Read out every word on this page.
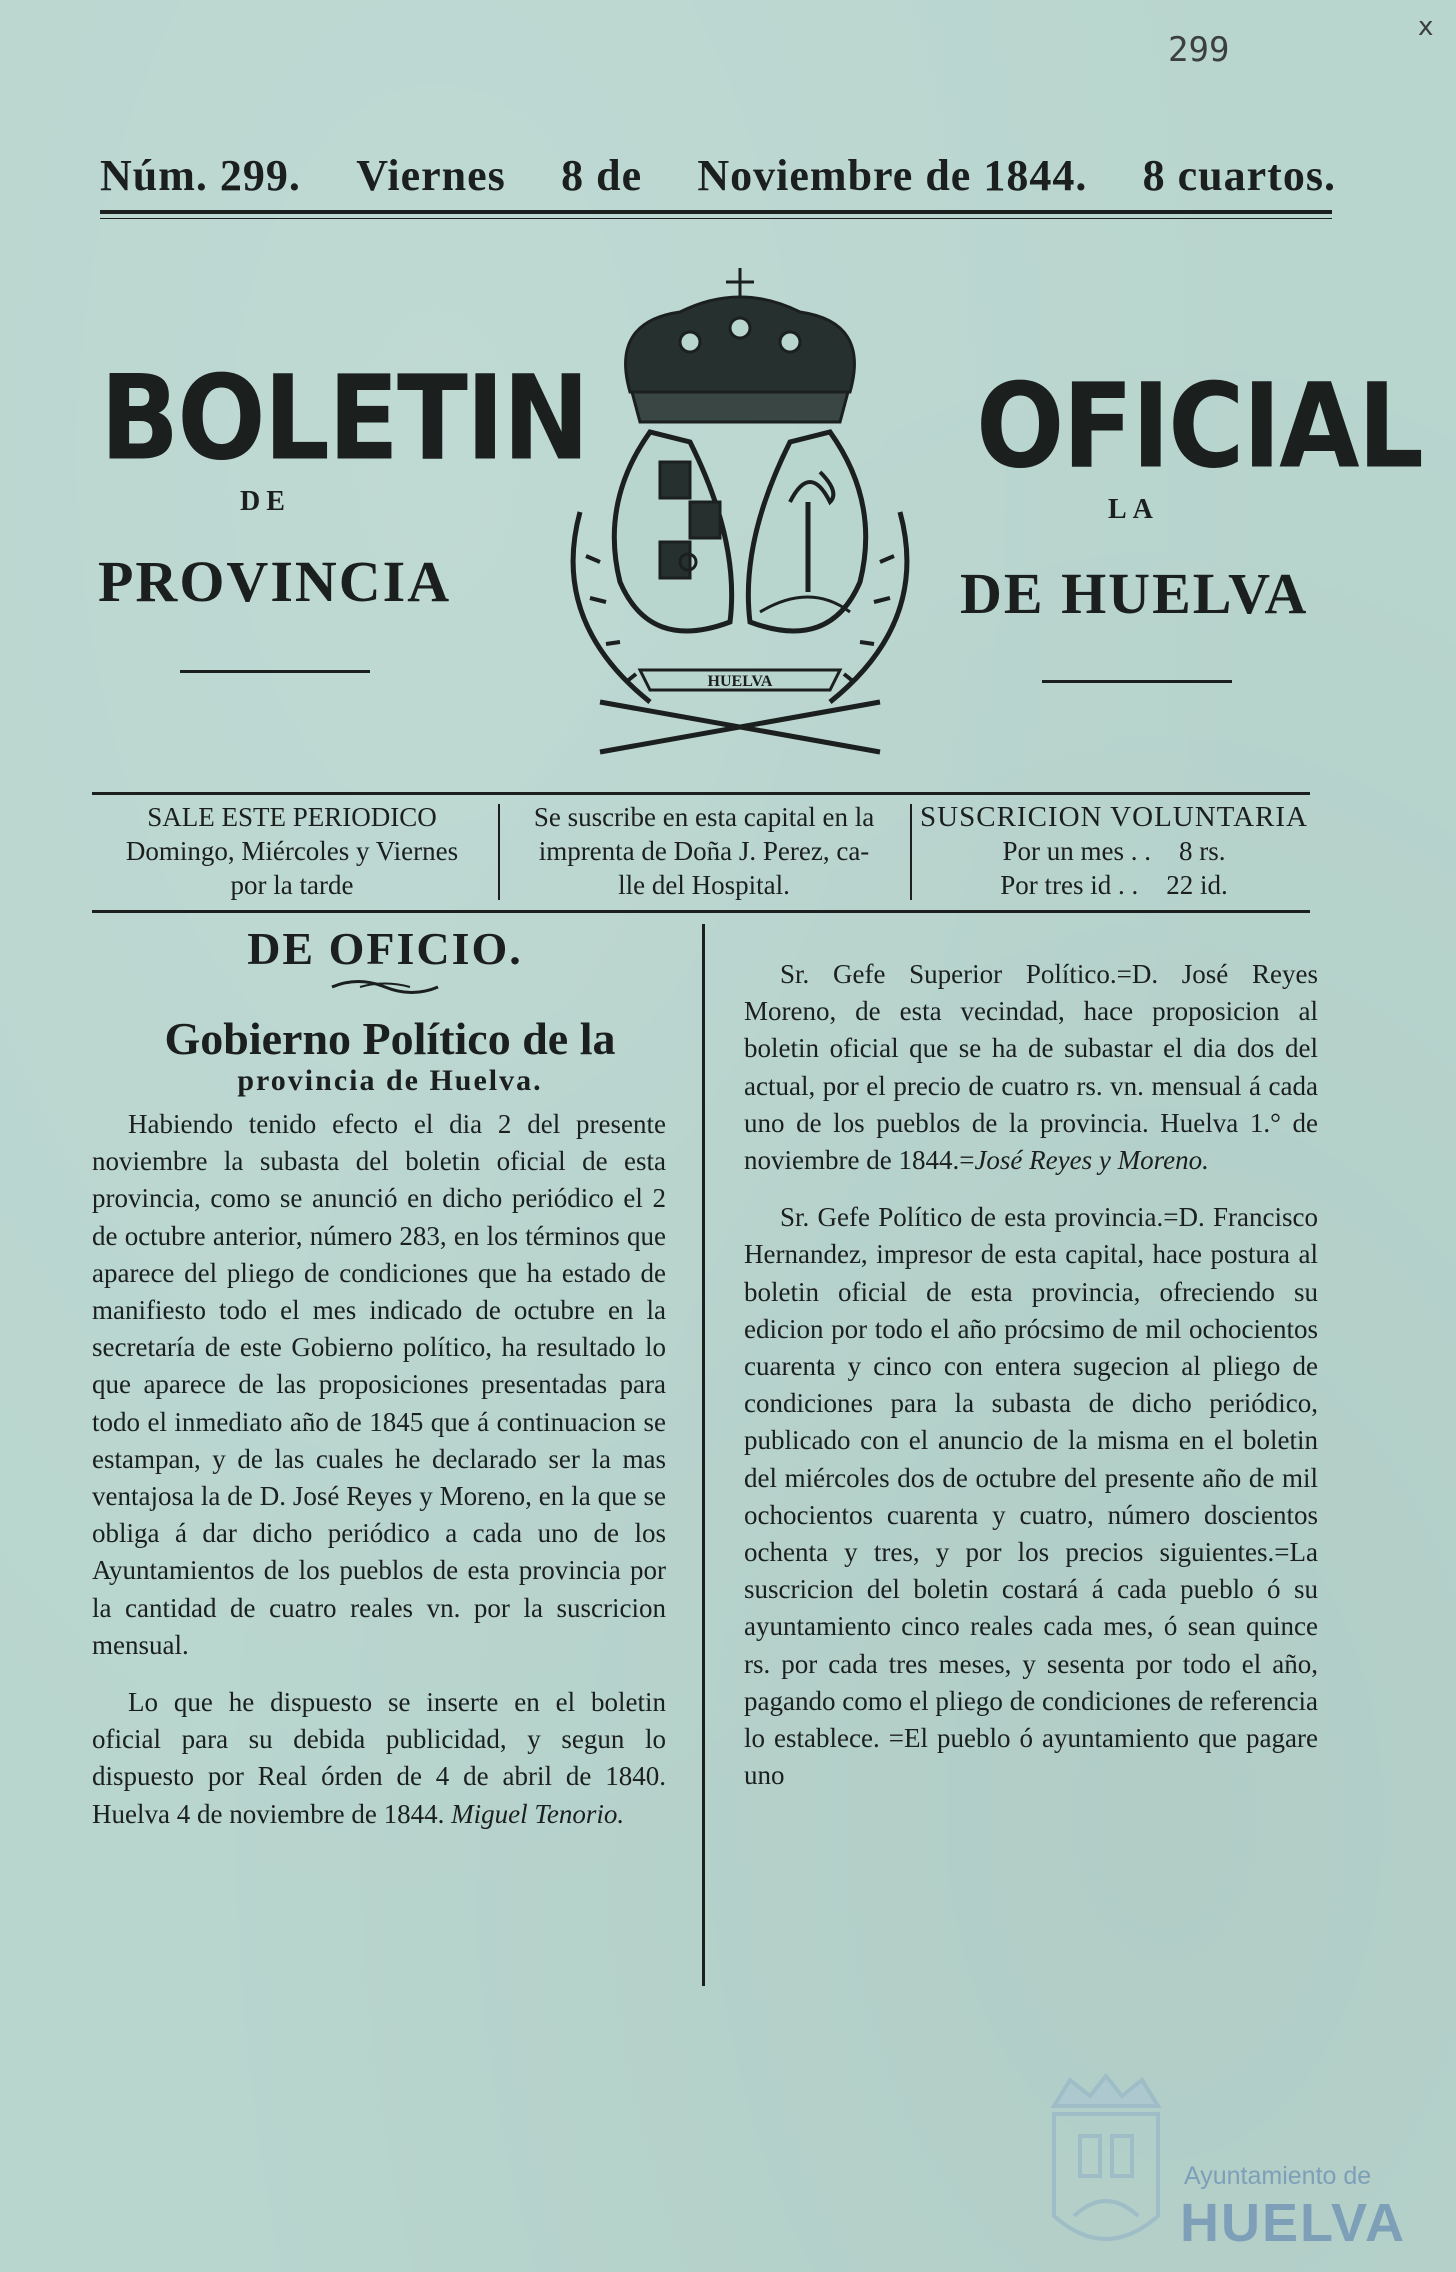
299
x
Núm. 299. Viernes 8 de Noviembre de 1844. 8 cuartos.
BOLETIN	OFICIAL
DE	LA
PROVINCIA	DE HUELVA
HUELVA
SALE ESTE PERIODICO
Domingo, Miércoles y Viernes
por la tarde
Se suscribe en esta capital en la
imprenta de Doña J. Perez, ca-
lle del Hospital.
SUSCRICION VOLUNTARIA
Por un mes . . 8 rs.
Por tres id . . 22 id.
DE OFICIO.
Gobierno Político de la
provincia de Huelva.

Habiendo tenido efecto el dia 2 del presente noviembre la subasta del boletin oficial de esta provincia, como se anunció en dicho periódico el 2 de octubre anterior, número 283, en los términos que aparece del pliego de condiciones que ha estado de manifiesto todo el mes indicado de octubre en la secretaría de este Gobierno político, ha resultado lo que aparece de las proposiciones presentadas para todo el inmediato año de 1845 que á continuacion se estampan, y de las cuales he declarado ser la mas ventajosa la de D. José Reyes y Moreno, en la que se obliga á dar dicho periódico a cada uno de los Ayuntamientos de los pueblos de esta provincia por la cantidad de cuatro reales vn. por la suscricion mensual.

Lo que he dispuesto se inserte en el boletin oficial para su debida publicidad, y segun lo dispuesto por Real órden de 4 de abril de 1840. Huelva 4 de noviembre de 1844. Miguel Tenorio.

Sr. Gefe Superior Político.=D. José Reyes Moreno, de esta vecindad, hace proposicion al boletin oficial que se ha de subastar el dia dos del actual, por el precio de cuatro rs. vn. mensual á cada uno de los pueblos de la provincia. Huelva 1.° de noviembre de 1844.=José Reyes y Moreno.

Sr. Gefe Político de esta provincia.=D. Francisco Hernandez, impresor de esta capital, hace postura al boletin oficial de esta provincia, ofreciendo su edicion por todo el año prócsimo de mil ochocientos cuarenta y cinco con entera sugecion al pliego de condiciones para la subasta de dicho periódico, publicado con el anuncio de la misma en el boletin del miércoles dos de octubre del presente año de mil ochocientos cuarenta y cuatro, número doscientos ochenta y tres, y por los precios siguientes.=La suscricion del boletin costará á cada pueblo ó su ayuntamiento cinco reales cada mes, ó sean quince rs. por cada tres meses, y sesenta por todo el año, pagando como el pliego de condiciones de referencia lo establece. =El pueblo ó ayuntamiento que pagare uno

Ayuntamiento de
HUELVA
